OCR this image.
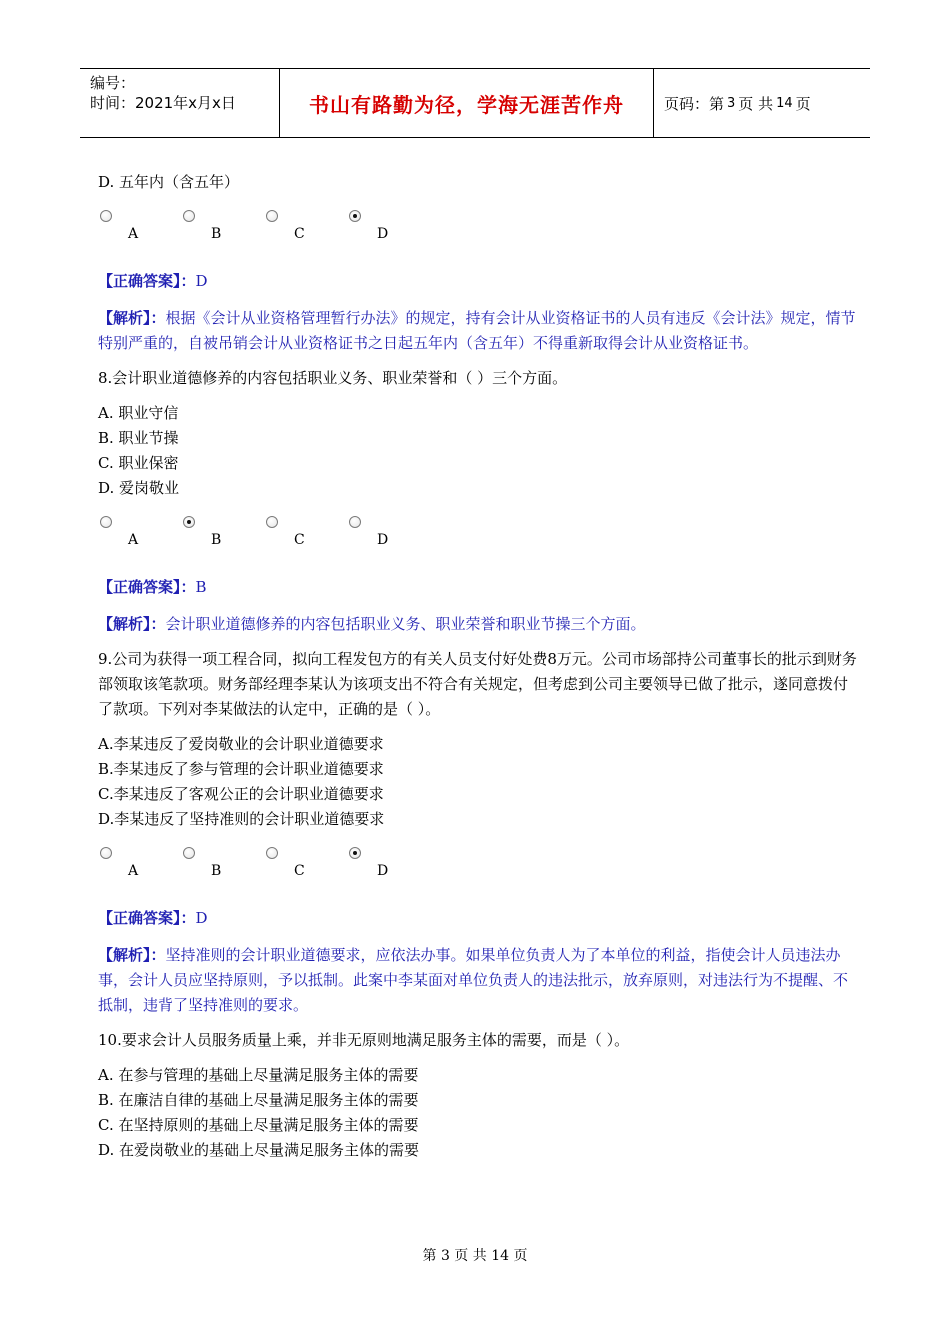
编号：
时间：2021年x月x日	书山有路勤为径，学海无涯苦作舟	页码：第 3 页 共 14 页
D. 五年内（含五年）
A	B	C	D
【正确答案】：D
【解析】：根据《会计从业资格管理暂行办法》的规定，持有会计从业资格证书的人员有违反《会计法》规定，情节特别严重的，自被吊销会计从业资格证书之日起五年内（含五年）不得重新取得会计从业资格证书。
8.会计职业道德修养的内容包括职业义务、职业荣誉和（ ）三个方面。
A. 职业守信
B. 职业节操
C. 职业保密
D. 爱岗敬业
A	B	C	D
【正确答案】：B
【解析】：会计职业道德修养的内容包括职业义务、职业荣誉和职业节操三个方面。
9.公司为获得一项工程合同，拟向工程发包方的有关人员支付好处费8万元。公司市场部持公司董事长的批示到财务部领取该笔款项。财务部经理李某认为该项支出不符合有关规定，但考虑到公司主要领导已做了批示，遂同意拨付了款项。下列对李某做法的认定中，正确的是（ ）。
A.李某违反了爱岗敬业的会计职业道德要求
B.李某违反了参与管理的会计职业道德要求
C.李某违反了客观公正的会计职业道德要求
D.李某违反了坚持准则的会计职业道德要求
A	B	C	D
【正确答案】：D
【解析】：坚持准则的会计职业道德要求，应依法办事。如果单位负责人为了本单位的利益，指使会计人员违法办事，会计人员应坚持原则，予以抵制。此案中李某面对单位负责人的违法批示，放弃原则，对违法行为不提醒、不抵制，违背了坚持准则的要求。
10.要求会计人员服务质量上乘，并非无原则地满足服务主体的需要，而是（ ）。
A. 在参与管理的基础上尽量满足服务主体的需要
B. 在廉洁自律的基础上尽量满足服务主体的需要
C. 在坚持原则的基础上尽量满足服务主体的需要
D. 在爱岗敬业的基础上尽量满足服务主体的需要
第 3 页 共 14 页
